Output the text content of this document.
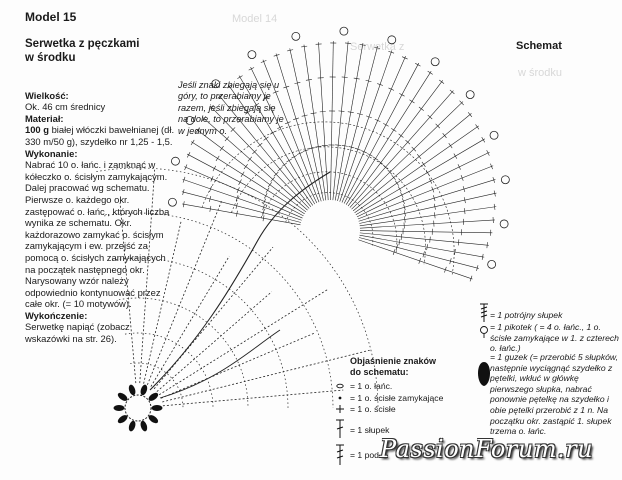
Model 14
Serwetka z
w środku

Model 15

Serwetka z pęczkami
w środku

Wielkość:

Ok. 46 cm średnicy

Materiał:

100 g białej włóczki bawełnianej (dł. 330 m/50 g), szydełko nr 1,25 - 1,5.

Wykonanie:

Nabrać 10 o. łańc. i zamknąć w kółeczko o. ścisłym zamykającym. Dalej pracować wg schematu. Pierwsze o. każdego okr. zastępować o. łańc., których liczba wynika ze schematu. Okr. każdorazowo zamykać o. ścisłym zamykającym i ew. przejść za pomocą o. ścisłych zamykających na początek następnego okr. Narysowany wzór należy odpowiednio kontynuować przez całe okr. (= 10 motywów).

Wykończenie:

Serwetkę napiąć (zobacz wskazówki na str. 26).

Jeśli znaki zbiegają się u góry, to przerabiamy je razem, jeśli zbiegają się na dole, to przerabiamy je w jednym o.
Schemat
Objaśnienie znaków
do schematu:
= 1 o. łańc.
= 1 o. ścisłe zamykające
= 1 o. ścisłe
= 1 słupek
= 1 pod
= 1 potrójny słupek
= 1 pikotek ( = 4 o. łańc., 1 o. ścisłe zamykające w 1. z czterech o. łańc.)
= 1 guzek (= przerobić 5 słupków, następnie wyciągnąć szydełko z pętelki, wkłuć w główkę pierwszego słupka, nabrać ponownie pętelkę na szydełko i obie pętelki przerobić z 1 n. Na początku okr. zastąpić 1. słupek trzema o. łańc.
PassionForum.ru
